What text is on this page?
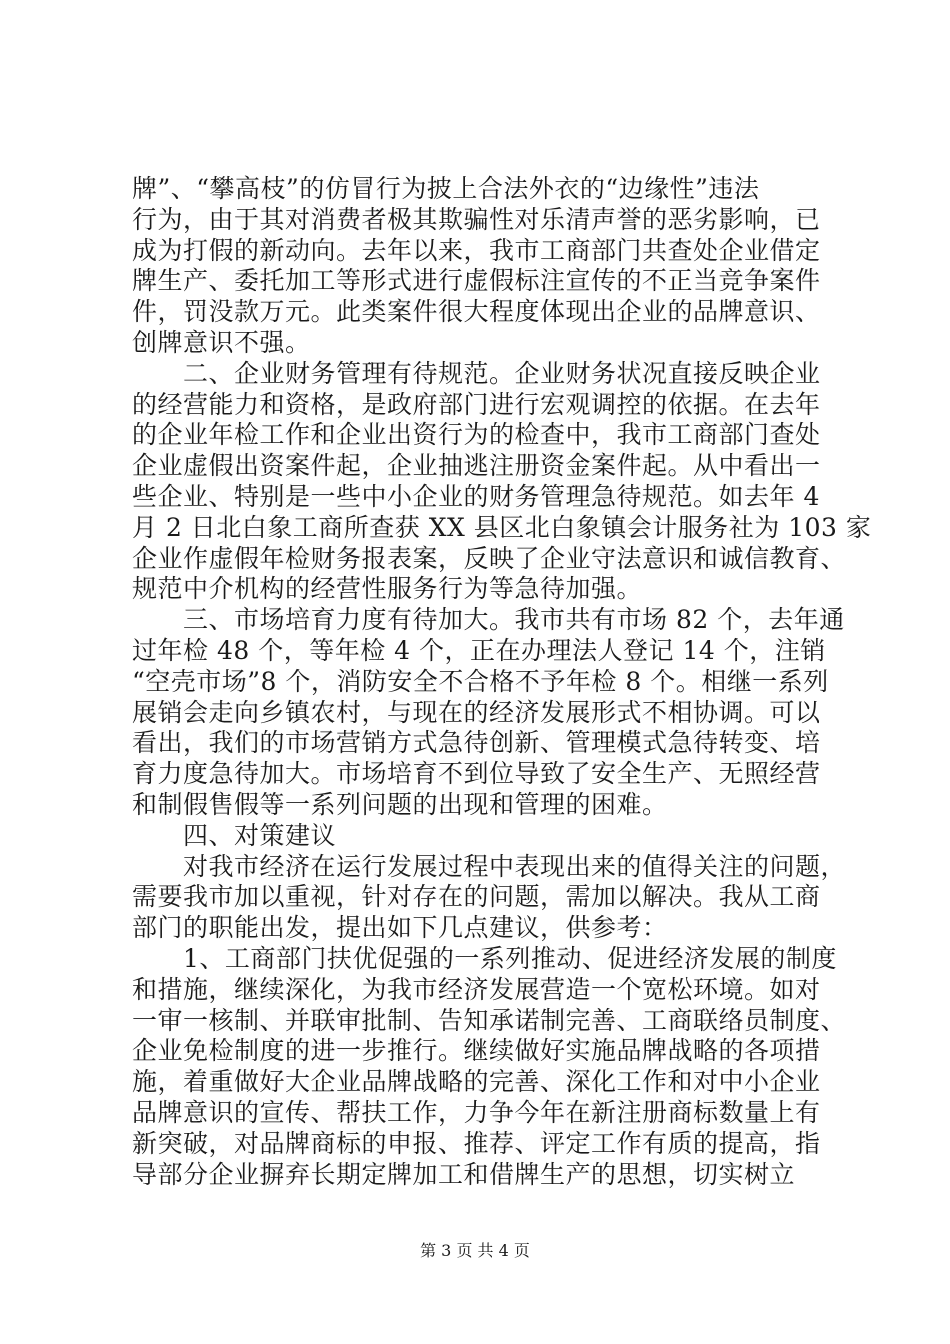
牌”、“攀高枝”的仿冒行为披上合法外衣的“边缘性”违法
行为，由于其对消费者极其欺骗性对乐清声誉的恶劣影响，已
成为打假的新动向。去年以来，我市工商部门共查处企业借定
牌生产、委托加工等形式进行虚假标注宣传的不正当竞争案件
件，罚没款万元。此类案件很大程度体现出企业的品牌意识、
创牌意识不强。
　　二、企业财务管理有待规范。企业财务状况直接反映企业
的经营能力和资格，是政府部门进行宏观调控的依据。在去年
的企业年检工作和企业出资行为的检查中，我市工商部门查处
企业虚假出资案件起，企业抽逃注册资金案件起。从中看出一
些企业、特别是一些中小企业的财务管理急待规范。如去年 4
月 2 日北白象工商所查获 XX 县区北白象镇会计服务社为 103 家
企业作虚假年检财务报表案，反映了企业守法意识和诚信教育、
规范中介机构的经营性服务行为等急待加强。
　　三、市场培育力度有待加大。我市共有市场 82 个，去年通
过年检 48 个，等年检 4 个，正在办理法人登记 14 个，注销
“空壳市场”8 个，消防安全不合格不予年检 8 个。相继一系列
展销会走向乡镇农村，与现在的经济发展形式不相协调。可以
看出，我们的市场营销方式急待创新、管理模式急待转变、培
育力度急待加大。市场培育不到位导致了安全生产、无照经营
和制假售假等一系列问题的出现和管理的困难。
　　四、对策建议
　　对我市经济在运行发展过程中表现出来的值得关注的问题，
需要我市加以重视，针对存在的问题，需加以解决。我从工商
部门的职能出发，提出如下几点建议，供参考：
　　1、工商部门扶优促强的一系列推动、促进经济发展的制度
和措施，继续深化，为我市经济发展营造一个宽松环境。如对
一审一核制、并联审批制、告知承诺制完善、工商联络员制度、
企业免检制度的进一步推行。继续做好实施品牌战略的各项措
施，着重做好大企业品牌战略的完善、深化工作和对中小企业
品牌意识的宣传、帮扶工作，力争今年在新注册商标数量上有
新突破，对品牌商标的申报、推荐、评定工作有质的提高，指
导部分企业摒弃长期定牌加工和借牌生产的思想，切实树立
第 3 页 共 4 页
